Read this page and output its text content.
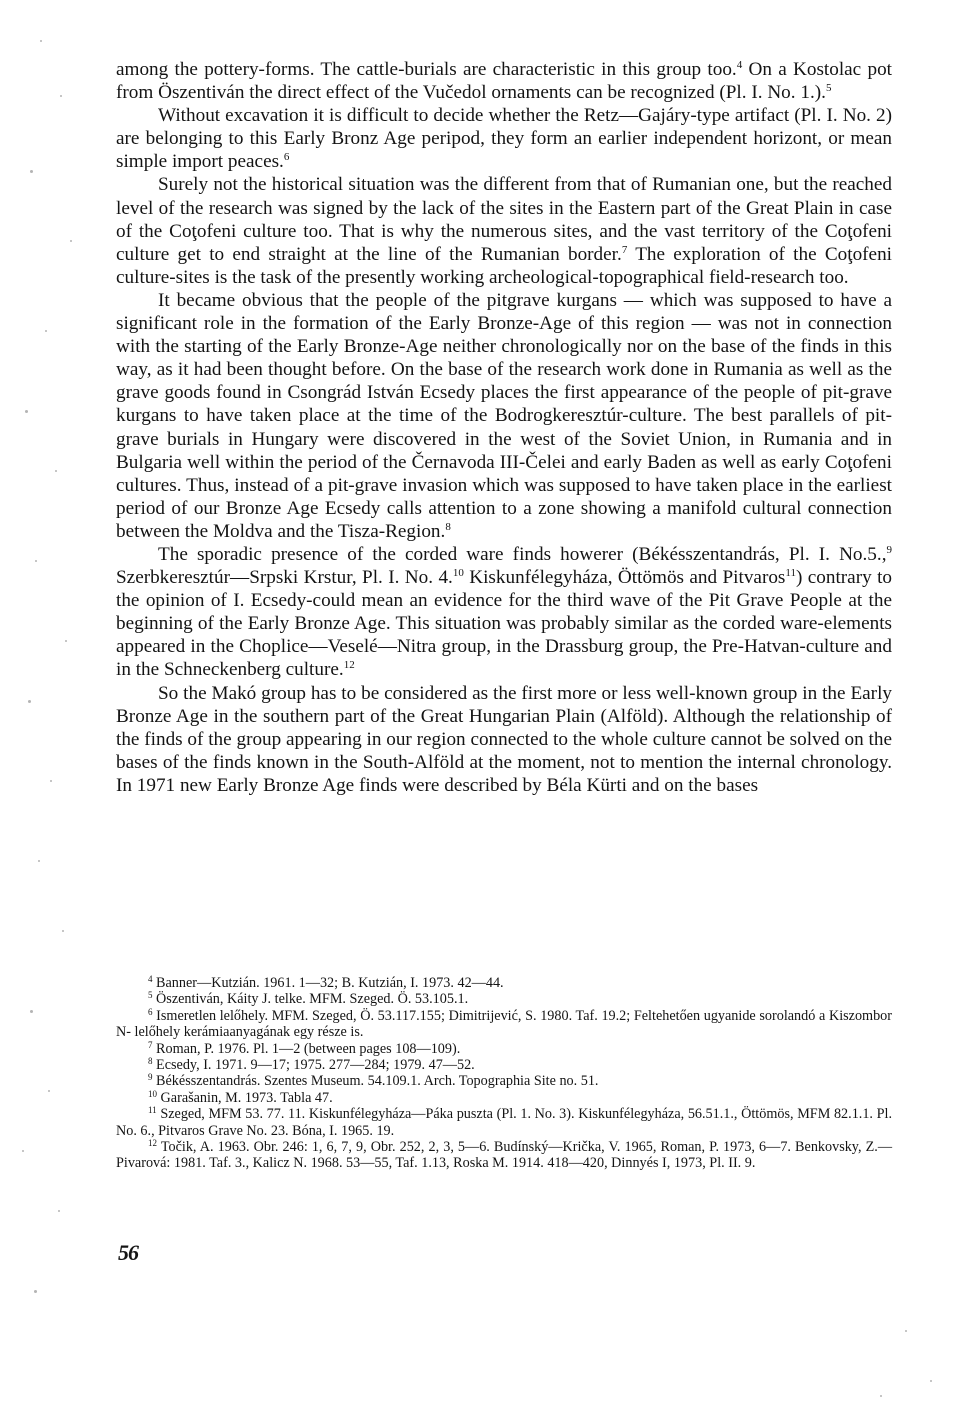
among the pottery-forms. The cattle-burials are characteristic in this group too.$^4$ On a Kostolac pot from Öszentiván the direct effect of the Vučedol ornaments can be recognized (Pl. I. No. 1.).$^5$

Without excavation it is difficult to decide whether the Retz—Gajáry-type artifact (Pl. I. No. 2) are belonging to this Early Bronz Age peripod, they form an earlier independent horizont, or mean simple import peaces.$^6$

Surely not the historical situation was the different from that of Rumanian one, but the reached level of the research was signed by the lack of the sites in the Eastern part of the Great Plain in case of the Coţofeni culture too. That is why the numerous sites, and the vast territory of the Coţofeni culture get to end straight at the line of the Rumanian border.$^7$ The exploration of the Coţofeni culture-sites is the task of the presently working archeological-topographical field-research too.

It became obvious that the people of the pitgrave kurgans — which was supposed to have a significant role in the formation of the Early Bronze-Age of this region — was not in connection with the starting of the Early Bronze-Age neither chronologically nor on the base of the finds in this way, as it had been thought before. On the base of the research work done in Rumania as well as the grave goods found in Csongrád István Ecsedy places the first appearance of the people of pit-grave kurgans to have taken place at the time of the Bodrogkeresztúr-culture. The best parallels of pit-grave burials in Hungary were discovered in the west of the Soviet Union, in Rumania and in Bulgaria well within the period of the Černavoda III-Čelei and early Baden as well as early Coţofeni cultures. Thus, instead of a pit-grave invasion which was supposed to have taken place in the earliest period of our Bronze Age Ecsedy calls attention to a zone showing a manifold cultural connection between the Moldva and the Tisza-Region.$^8$

The sporadic presence of the corded ware finds howerer (Békésszentandrás, Pl. I. No.5.,$^9$ Szerbkeresztúr—Srpski Krstur, Pl. I. No. 4.10 Kiskunfélegyháza, Öttömös and Pitvaros$^{11}$) contrary to the opinion of I. Ecsedy-could mean an evidence for the third wave of the Pit Grave People at the beginning of the Early Bronze Age. This situation was probably similar as the corded ware-elements appeared in the Choplice—Veselé—Nitra group, in the Drassburg group, the Pre-Hatvan-culture and in the Schneckenberg culture.$^{12}$

So the Makó group has to be considered as the first more or less well-known group in the Early Bronze Age in the southern part of the Great Hungarian Plain (Alföld). Although the relationship of the finds of the group appearing in our region connected to the whole culture cannot be solved on the bases of the finds known in the South-Alföld at the moment, not to mention the internal chronology. In 1971 new Early Bronze Age finds were described by Béla Kürti and on the bases

$^4$ Banner—Kutzián. 1961. 1—32; B. Kutzián, I. 1973. 42—44.

$^5$ Öszentiván, Káity J. telke. MFM. Szeged. Ö. 53.105.1.

$^6$ Ismeretlen lelőhely. MFM. Szeged, Ö. 53.117.155; Dimitrijević, S. 1980. Taf. 19.2; Feltehetően ugyanide sorolandó a Kiszombor N- lelőhely kerámiaanyagának egy része is.

$^7$ Roman, P. 1976. Pl. 1—2 (between pages 108—109).

$^8$ Ecsedy, I. 1971. 9—17; 1975. 277—284; 1979. 47—52.

$^9$ Békésszentandrás. Szentes Museum. 54.109.1. Arch. Topographia Site no. 51.

$^{10}$ Garašanin, M. 1973. Tabla 47.

$^{11}$ Szeged, MFM 53. 77. 11. Kiskunfélegyháza—Páka puszta (Pl. 1. No. 3). Kiskunfélegyháza, 56.51.1., Öttömös, MFM 82.1.1. Pl. No. 6., Pitvaros Grave No. 23. Bóna, I. 1965. 19.

$^{12}$ Točik, A. 1963. Obr. 246: 1, 6, 7, 9, Obr. 252, 2, 3, 5—6. Budínský—Krička, V. 1965, Roman, P. 1973, 6—7. Benkovsky, Z.—Pivarová: 1981. Taf. 3., Kalicz N. 1968. 53—55, Taf. 1.13, Roska M. 1914. 418—420, Dinnyés I, 1973, Pl. II. 9.

56
